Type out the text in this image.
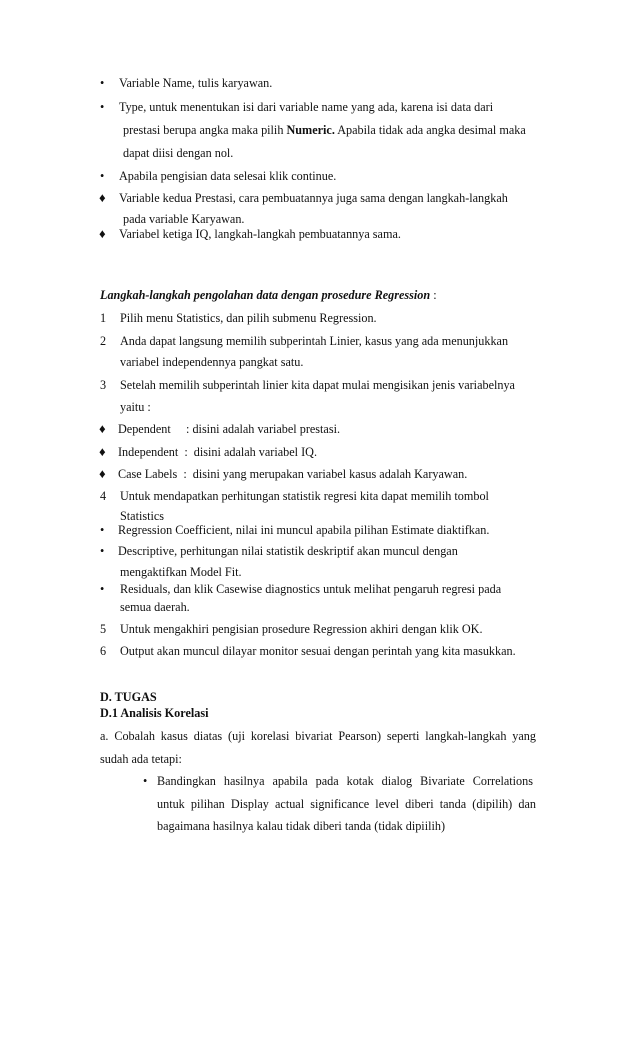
• Variable Name, tulis karyawan.
• Type, untuk menentukan isi dari variable name yang ada, karena isi data dari
prestasi berupa angka maka pilih Numeric. Apabila tidak ada angka desimal maka
dapat diisi dengan nol.
• Apabila pengisian data selesai klik continue.
♦ Variable kedua Prestasi, cara pembuatannya juga sama dengan langkah-langkah
pada variable Karyawan.
♦ Variabel ketiga IQ, langkah-langkah pembuatannya sama.
Langkah-langkah pengolahan data dengan prosedure Regression :
1 Pilih menu Statistics, dan pilih submenu Regression.
2 Anda dapat langsung memilih subperintah Linier, kasus yang ada menunjukkan
variabel independennya pangkat satu.
3 Setelah memilih subperintah linier kita dapat mulai mengisikan jenis variabelnya
yaitu :
♦ Dependent     : disini adalah variabel prestasi.
♦ Independent  :  disini adalah variabel IQ.
♦ Case Labels  :  disini yang merupakan variabel kasus adalah Karyawan.
4 Untuk mendapatkan perhitungan statistik regresi kita dapat memilih tombol
Statistics
• Regression Coefficient, nilai ini muncul apabila pilihan Estimate diaktifkan.
• Descriptive, perhitungan nilai statistik deskriptif akan muncul dengan
mengaktifkan Model Fit.
• Residuals, dan klik Casewise diagnostics untuk melihat pengaruh regresi pada
semua daerah.
5 Untuk mengakhiri pengisian prosedure Regression akhiri dengan klik OK.
6 Output akan muncul dilayar monitor sesuai dengan perintah yang kita masukkan.
D. TUGAS
D.1 Analisis Korelasi
a. Cobalah kasus diatas (uji korelasi bivariat Pearson) seperti langkah-langkah yang
sudah ada tetapi:
• Bandingkan hasilnya apabila pada kotak dialog Bivariate Correlations
untuk pilihan Display actual significance level diberi tanda (dipilih) dan
bagaimana hasilnya kalau tidak diberi tanda (tidak dipiilih)
